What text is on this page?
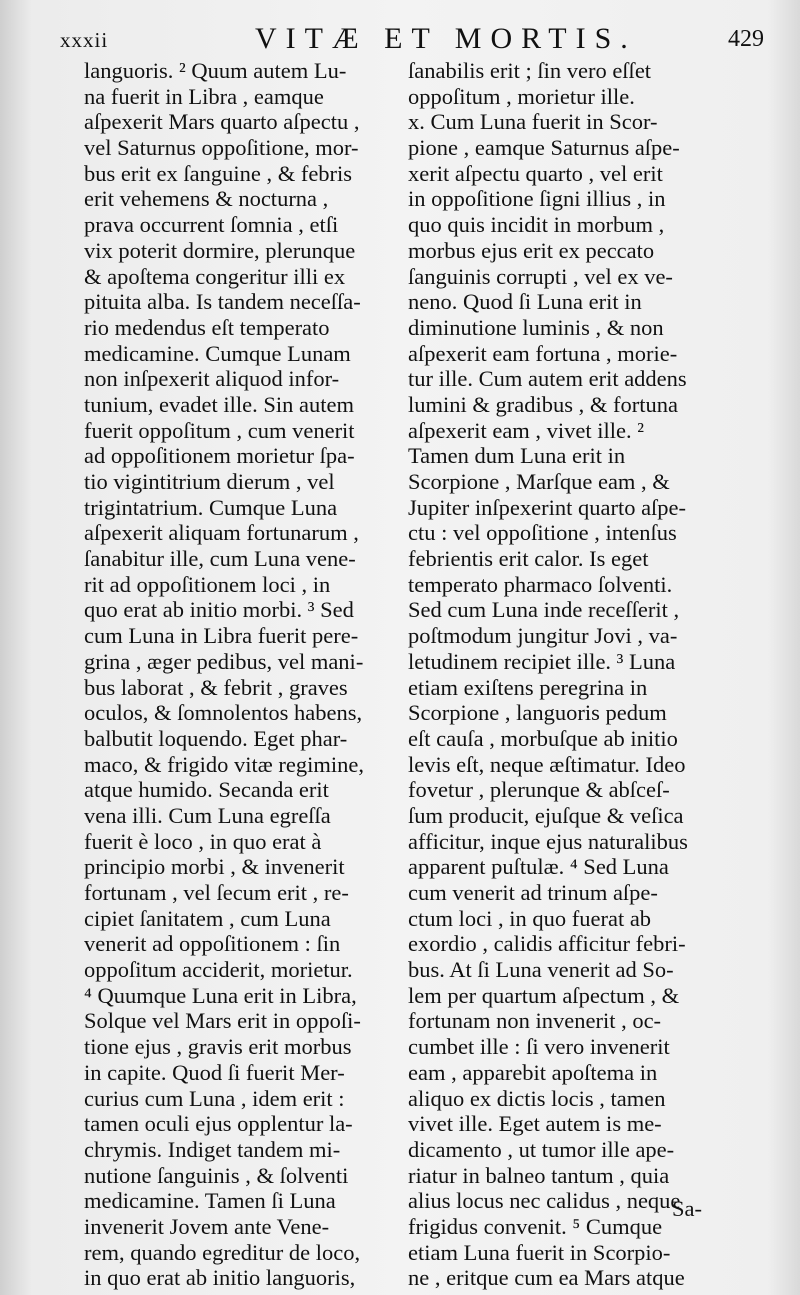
xxxii	VITÆ ET MORTIS.	429
languoris. ² Quum autem Lu-
na fuerit in Libra , eamque
aſpexerit Mars quarto aſpectu ,
vel Saturnus oppoſitione, mor-
bus erit ex ſanguine , & febris
erit vehemens & nocturna ,
prava occurrent ſomnia , etſi
vix poterit dormire, plerunque
& apoſtema congeritur illi ex
pituita alba. Is tandem neceſſa-
rio medendus eſt temperato
medicamine. Cumque Lunam
non inſpexerit aliquod infor-
tunium, evadet ille. Sin autem
fuerit oppoſitum , cum venerit
ad oppoſitionem morietur ſpa-
tio vigintitrium dierum , vel
trigintatrium. Cumque Luna
aſpexerit aliquam fortunarum ,
ſanabitur ille, cum Luna vene-
rit ad oppoſitionem loci , in
quo erat ab initio morbi. ³ Sed
cum Luna in Libra fuerit pere-
grina , æger pedibus, vel mani-
bus laborat , & febrit , graves
oculos, & ſomnolentos habens,
balbutit loquendo. Eget phar-
maco, & frigido vitæ regimine,
atque humido. Secanda erit
vena illi. Cum Luna egreſſa
fuerit è loco , in quo erat à
principio morbi , & invenerit
fortunam , vel ſecum erit , re-
cipiet ſanitatem , cum Luna
venerit ad oppoſitionem : ſin
oppoſitum acciderit, morietur.
⁴ Quumque Luna erit in Libra,
Solque vel Mars erit in oppoſi-
tione ejus , gravis erit morbus
in capite. Quod ſi fuerit Mer-
curius cum Luna , idem erit :
tamen oculi ejus opplentur la-
chrymis. Indiget tandem mi-
nutione ſanguinis , & ſolventi
medicamine. Tamen ſi Luna
invenerit Jovem ante Vene-
rem, quando egreditur de loco,
in quo erat ab initio languoris,
ſanabilis erit ; ſin vero eſſet
oppoſitum , morietur ille.
x. Cum Luna fuerit in Scor-
pione , eamque Saturnus aſpe-
xerit aſpectu quarto , vel erit
in oppoſitione ſigni illius , in
quo quis incidit in morbum ,
morbus ejus erit ex peccato
ſanguinis corrupti , vel ex ve-
neno. Quod ſi Luna erit in
diminutione luminis , & non
aſpexerit eam fortuna , morie-
tur ille. Cum autem erit addens
lumini & gradibus , & fortuna
aſpexerit eam , vivet ille. ²
Tamen dum Luna erit in
Scorpione , Marſque eam , &
Jupiter inſpexerint quarto aſpe-
ctu : vel oppoſitione , intenſus
febrientis erit calor. Is eget
temperato pharmaco ſolventi.
Sed cum Luna inde receſſerit ,
poſtmodum jungitur Jovi , va-
letudinem recipiet ille. ³ Luna
etiam exiſtens peregrina in
Scorpione , languoris pedum
eſt cauſa , morbuſque ab initio
levis eſt, neque æſtimatur. Ideo
fovetur , plerunque & abſceſ-
ſum producit, ejuſque & veſica
afficitur, inque ejus naturalibus
apparent puſtulæ. ⁴ Sed Luna
cum venerit ad trinum aſpe-
ctum loci , in quo fuerat ab
exordio , calidis afficitur febri-
bus. At ſi Luna venerit ad So-
lem per quartum aſpectum , &
fortunam non invenerit , oc-
cumbet ille : ſi vero invenerit
eam , apparebit apoſtema in
aliquo ex dictis locis , tamen
vivet ille. Eget autem is me-
dicamento , ut tumor ille ape-
riatur in balneo tantum , quia
alius locus nec calidus , neque
frigidus convenit. ⁵ Cumque
etiam Luna fuerit in Scorpio-
ne , eritque cum ea Mars atque
Sa-
